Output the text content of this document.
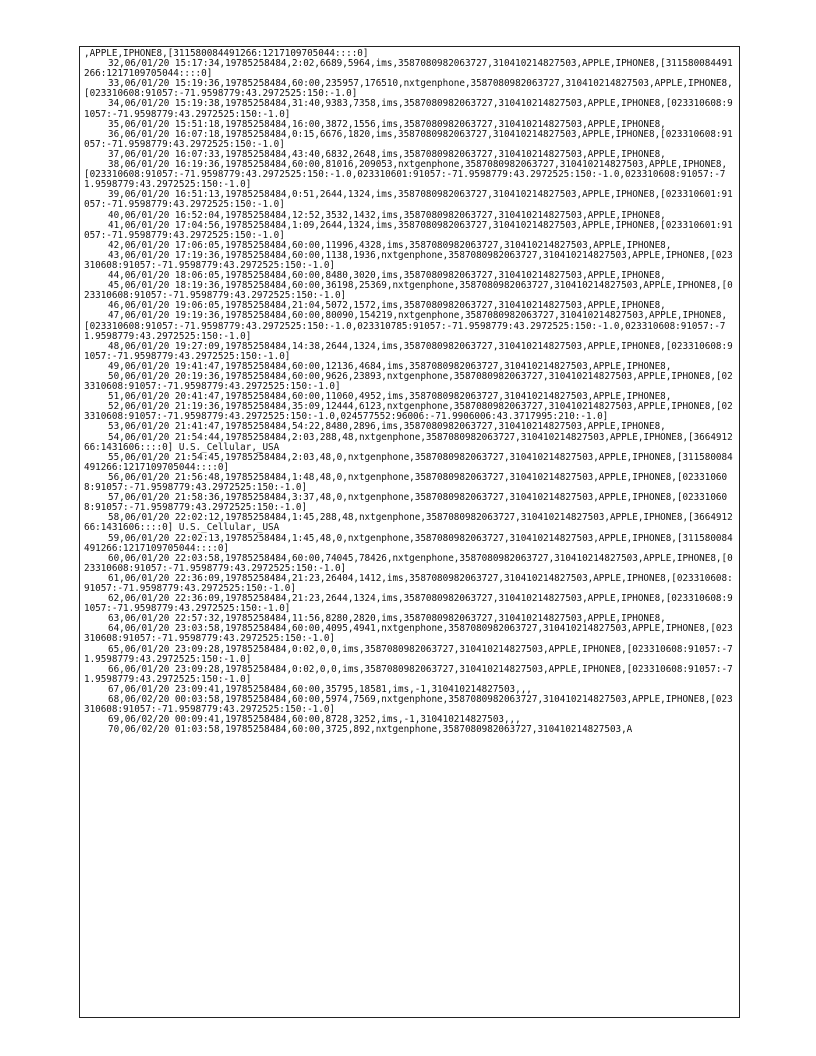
,APPLE,IPHONE8,[311580084491266:1217109705044::::0]
32,06/01/20 15:17:34,19785258484,2:02,6689,5964,ims,3587080982063727,310410214827503,APPLE,IPHONE8,[311580084491266:1217109705044::::0]
33,06/01/20 15:19:36,19785258484,60:00,235957,176510,nxtgenphone,3587080982063727,310410214827503,APPLE,IPHONE8,[023310608:91057:-71.9598779:43.2972525:150:-1.0]
34,06/01/20 15:19:38,19785258484,31:40,9383,7358,ims,3587080982063727,310410214827503,APPLE,IPHONE8,[023310608:91057:-71.9598779:43.2972525:150:-1.0]
35,06/01/20 15:51:18,19785258484,16:00,3872,1556,ims,3587080982063727,310410214827503,APPLE,IPHONE8,
36,06/01/20 16:07:18,19785258484,0:15,6676,1820,ims,3587080982063727,310410214827503,APPLE,IPHONE8,[023310608:91057:-71.9598779:43.2972525:150:-1.0]
37,06/01/20 16:07:33,19785258484,43:40,6832,2648,ims,3587080982063727,310410214827503,APPLE,IPHONE8,
38,06/01/20 16:19:36,19785258484,60:00,81016,209053,nxtgenphone,3587080982063727,310410214827503,APPLE,IPHONE8,[023310608:91057:-71.9598779:43.2972525:150:-1.0,023310601:91057:-71.9598779:43.2972525:150:-1.0,023310608:91057:-71.9598779:43.2972525:150:-1.0]
39,06/01/20 16:51:13,19785258484,0:51,2644,1324,ims,3587080982063727,310410214827503,APPLE,IPHONE8,[023310601:91057:-71.9598779:43.2972525:150:-1.0]
40,06/01/20 16:52:04,19785258484,12:52,3532,1432,ims,3587080982063727,310410214827503,APPLE,IPHONE8,
41,06/01/20 17:04:56,19785258484,1:09,2644,1324,ims,3587080982063727,310410214827503,APPLE,IPHONE8,[023310601:91057:-71.9598779:43.2972525:150:-1.0]
42,06/01/20 17:06:05,19785258484,60:00,11996,4328,ims,3587080982063727,310410214827503,APPLE,IPHONE8,
43,06/01/20 17:19:36,19785258484,60:00,1138,1936,nxtgenphone,3587080982063727,310410214827503,APPLE,IPHONE8,[023310608:91057:-71.9598779:43.2972525:150:-1.0]
44,06/01/20 18:06:05,19785258484,60:00,8480,3020,ims,3587080982063727,310410214827503,APPLE,IPHONE8,
45,06/01/20 18:19:36,19785258484,60:00,36198,25369,nxtgenphone,3587080982063727,310410214827503,APPLE,IPHONE8,[023310608:91057:-71.9598779:43.2972525:150:-1.0]
46,06/01/20 19:06:05,19785258484,21:04,5072,1572,ims,3587080982063727,310410214827503,APPLE,IPHONE8,
47,06/01/20 19:19:36,19785258484,60:00,80090,154219,nxtgenphone,3587080982063727,310410214827503,APPLE,IPHONE8,[023310608:91057:-71.9598779:43.2972525:150:-1.0,023310785:91057:-71.9598779:43.2972525:150:-1.0,023310608:91057:-71.9598779:43.2972525:150:-1.0]
48,06/01/20 19:27:09,19785258484,14:38,2644,1324,ims,3587080982063727,310410214827503,APPLE,IPHONE8,[023310608:91057:-71.9598779:43.2972525:150:-1.0]
49,06/01/20 19:41:47,19785258484,60:00,12136,4684,ims,3587080982063727,310410214827503,APPLE,IPHONE8,
50,06/01/20 20:19:36,19785258484,60:00,9626,23893,nxtgenphone,3587080982063727,310410214827503,APPLE,IPHONE8,[023310608:91057:-71.9598779:43.2972525:150:-1.0]
51,06/01/20 20:41:47,19785258484,60:00,11060,4952,ims,3587080982063727,310410214827503,APPLE,IPHONE8,
52,06/01/20 21:19:36,19785258484,35:09,12444,6123,nxtgenphone,3587080982063727,310410214827503,APPLE,IPHONE8,[023310608:91057:-71.9598779:43.2972525:150:-1.0,024577552:96006:-71.9906006:43.3717995:210:-1.0]
53,06/01/20 21:41:47,19785258484,54:22,8480,2896,ims,3587080982063727,310410214827503,APPLE,IPHONE8,
54,06/01/20 21:54:44,19785258484,2:03,288,48,nxtgenphone,3587080982063727,310410214827503,APPLE,IPHONE8,[366491266:1431606::::0] U.S._Cellular,_USA
55,06/01/20 21:54:45,19785258484,2:03,48,0,nxtgenphone,3587080982063727,310410214827503,APPLE,IPHONE8,[311580084491266:1217109705044::::0]
56,06/01/20 21:56:48,19785258484,1:48,48,0,nxtgenphone,3587080982063727,310410214827503,APPLE,IPHONE8,[023310608:91057:-71.9598779:43.2972525:150:-1.0]
57,06/01/20 21:58:36,19785258484,3:37,48,0,nxtgenphone,3587080982063727,310410214827503,APPLE,IPHONE8,[023310608:91057:-71.9598779:43.2972525:150:-1.0]
58,06/01/20 22:02:12,19785258484,1:45,288,48,nxtgenphone,3587080982063727,310410214827503,APPLE,IPHONE8,[366491266:1431606::::0] U.S._Cellular,_USA
59,06/01/20 22:02:13,19785258484,1:45,48,0,nxtgenphone,3587080982063727,310410214827503,APPLE,IPHONE8,[311580084491266:1217109705044::::0]
60,06/01/20 22:03:58,19785258484,60:00,74045,78426,nxtgenphone,3587080982063727,310410214827503,APPLE,IPHONE8,[023310608:91057:-71.9598779:43.2972525:150:-1.0]
61,06/01/20 22:36:09,19785258484,21:23,26404,1412,ims,3587080982063727,310410214827503,APPLE,IPHONE8,[023310608:91057:-71.9598779:43.2972525:150:-1.0]
62,06/01/20 22:36:09,19785258484,21:23,2644,1324,ims,3587080982063727,310410214827503,APPLE,IPHONE8,[023310608:91057:-71.9598779:43.2972525:150:-1.0]
63,06/01/20 22:57:32,19785258484,11:56,8280,2820,ims,3587080982063727,310410214827503,APPLE,IPHONE8,
64,06/01/20 23:03:58,19785258484,60:00,4095,4941,nxtgenphone,3587080982063727,310410214827503,APPLE,IPHONE8,[023310608:91057:-71.9598779:43.2972525:150:-1.0]
65,06/01/20 23:09:28,19785258484,0:02,0,0,ims,3587080982063727,310410214827503,APPLE,IPHONE8,[023310608:91057:-71.9598779:43.2972525:150:-1.0]
66,06/01/20 23:09:28,19785258484,0:02,0,0,ims,3587080982063727,310410214827503,APPLE,IPHONE8,[023310608:91057:-71.9598779:43.2972525:150:-1.0]
67,06/01/20 23:09:41,19785258484,60:00,35795,18581,ims,-1,310410214827503,,,
68,06/02/20 00:03:58,19785258484,60:00,5974,7569,nxtgenphone,3587080982063727,310410214827503,APPLE,IPHONE8,[023310608:91057:-71.9598779:43.2972525:150:-1.0]
69,06/02/20 00:09:41,19785258484,60:00,8728,3252,ims,-1,310410214827503,,,
70,06/02/20 01:03:58,19785258484,60:00,3725,892,nxtgenphone,3587080982063727,310410214827503,A
